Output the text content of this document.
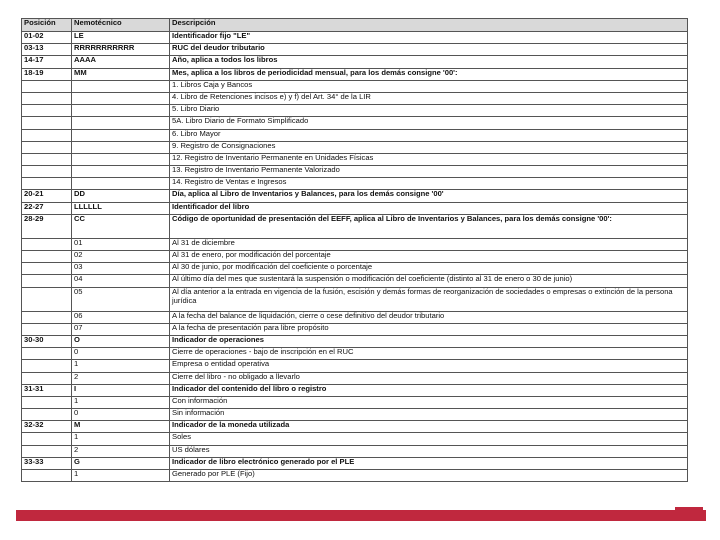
Posición	Nemotécnico	Descripción
01-02	LE	Identificador fijo "LE"
03-13	RRRRRRRRRRR	RUC del deudor tributario
14-17	AAAA	Año, aplica a todos los libros
18-19	MM	Mes, aplica a los libros de periodicidad mensual, para los demás consigne '00':
		1. Libros Caja y Bancos
		4. Libro de Retenciones incisos e) y f) del Art. 34° de la LIR
		5. Libro Diario
		5A. Libro Diario de Formato Simplificado
		6. Libro Mayor
		9. Registro de Consignaciones
		12. Registro de Inventario Permanente en Unidades Físicas
		13. Registro de Inventario Permanente Valorizado
		14. Registro de Ventas e Ingresos
20-21	DD	Día, aplica al Libro de Inventarios y Balances, para los demás consigne '00'
22-27	LLLLLL	Identificador del libro
28-29	CC	Código de oportunidad de presentación del EEFF, aplica al Libro de Inventarios y Balances, para los demás consigne '00':
	01	Al 31 de diciembre
	02	Al 31 de enero, por modificación del porcentaje
	03	Al 30 de junio, por modificación del coeficiente o porcentaje
	04	Al último día del mes que sustentará la suspensión o modificación del coeficiente (distinto al 31 de enero o 30 de junio)
	05	Al día anterior a la entrada en vigencia de la fusión, escisión y demás formas de reorganización de sociedades o empresas o extinción de la persona jurídica
	06	A la fecha del balance de liquidación, cierre o cese definitivo del deudor tributario
	07	A la fecha de presentación para libre propósito
30-30	O	Indicador de operaciones
	0	Cierre de operaciones - bajo de inscripción en el RUC
	1	Empresa o entidad operativa
	2	Cierre del libro - no obligado a llevarlo
31-31	I	Indicador del contenido del libro o registro
	1	Con información
	0	Sin información
32-32	M	Indicador de la moneda utilizada
	1	Soles
	2	US dólares
33-33	G	Indicador de libro electrónico generado por el PLE
	1	Generado por PLE (Fijo)
